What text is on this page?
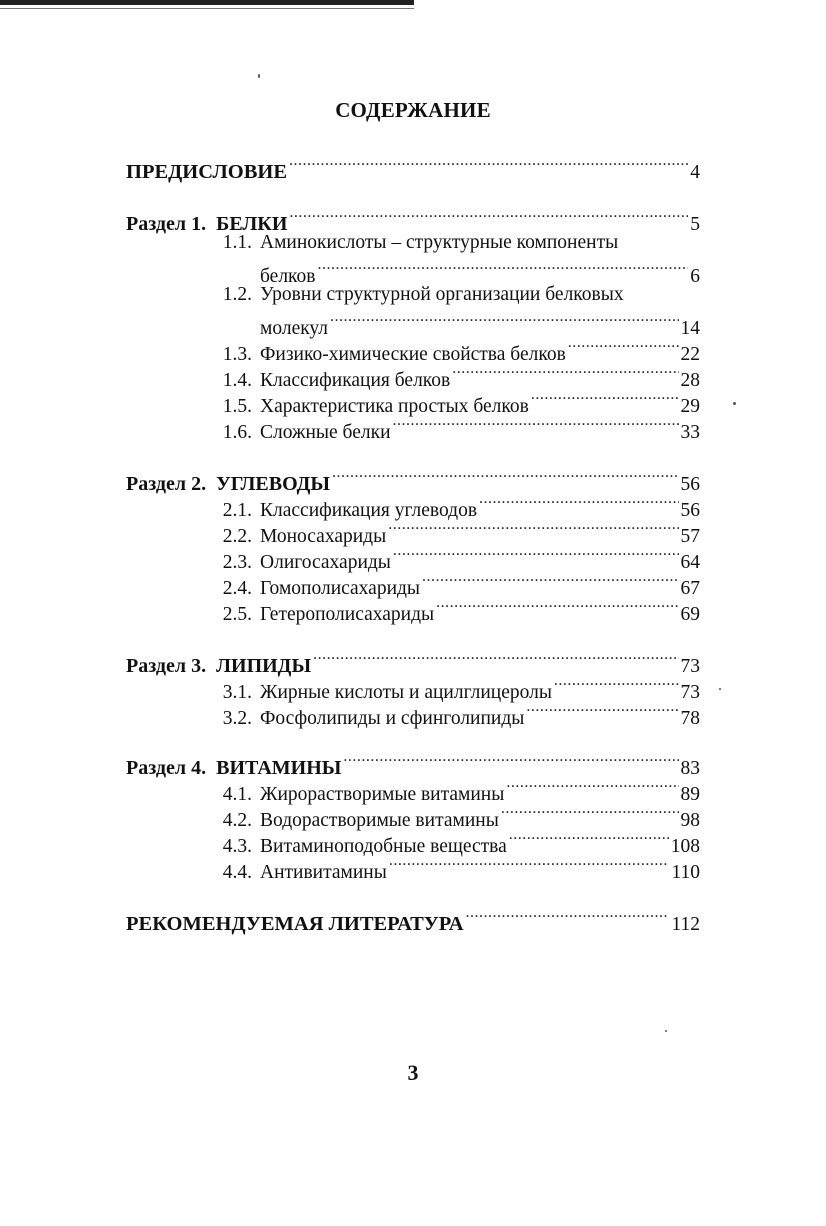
СОДЕРЖАНИЕ
ПРЕДИСЛОВИЕ .....	4
Раздел 1. БЕЛКИ .....	5
1.1. Аминокислоты – структурные компоненты
белков .....	6
1.2. Уровни структурной организации белковых
молекул .....	14
1.3. Физико-химические свойства белков .....	22
1.4. Классификация белков .....	28
1.5. Характеристика простых белков .....	29
1.6. Сложные белки .....	33
Раздел 2. УГЛЕВОДЫ .....	56
2.1. Классификация углеводов .....	56
2.2. Моносахариды .....	57
2.3. Олигосахариды .....	64
2.4. Гомополисахариды .....	67
2.5. Гетерополисахариды .....	69
Раздел 3. ЛИПИДЫ .....	73
3.1. Жирные кислоты и ацилглицеролы .....	73
3.2. Фосфолипиды и сфинголипиды .....	78
Раздел 4. ВИТАМИНЫ .....	83
4.1. Жирорастворимые витамины .....	89
4.2. Водорастворимые витамины .....	98
4.3. Витаминоподобные вещества .....	108
4.4. Антивитамины .....	110
РЕКОМЕНДУЕМАЯ ЛИТЕРАТУРА .....	112
3
